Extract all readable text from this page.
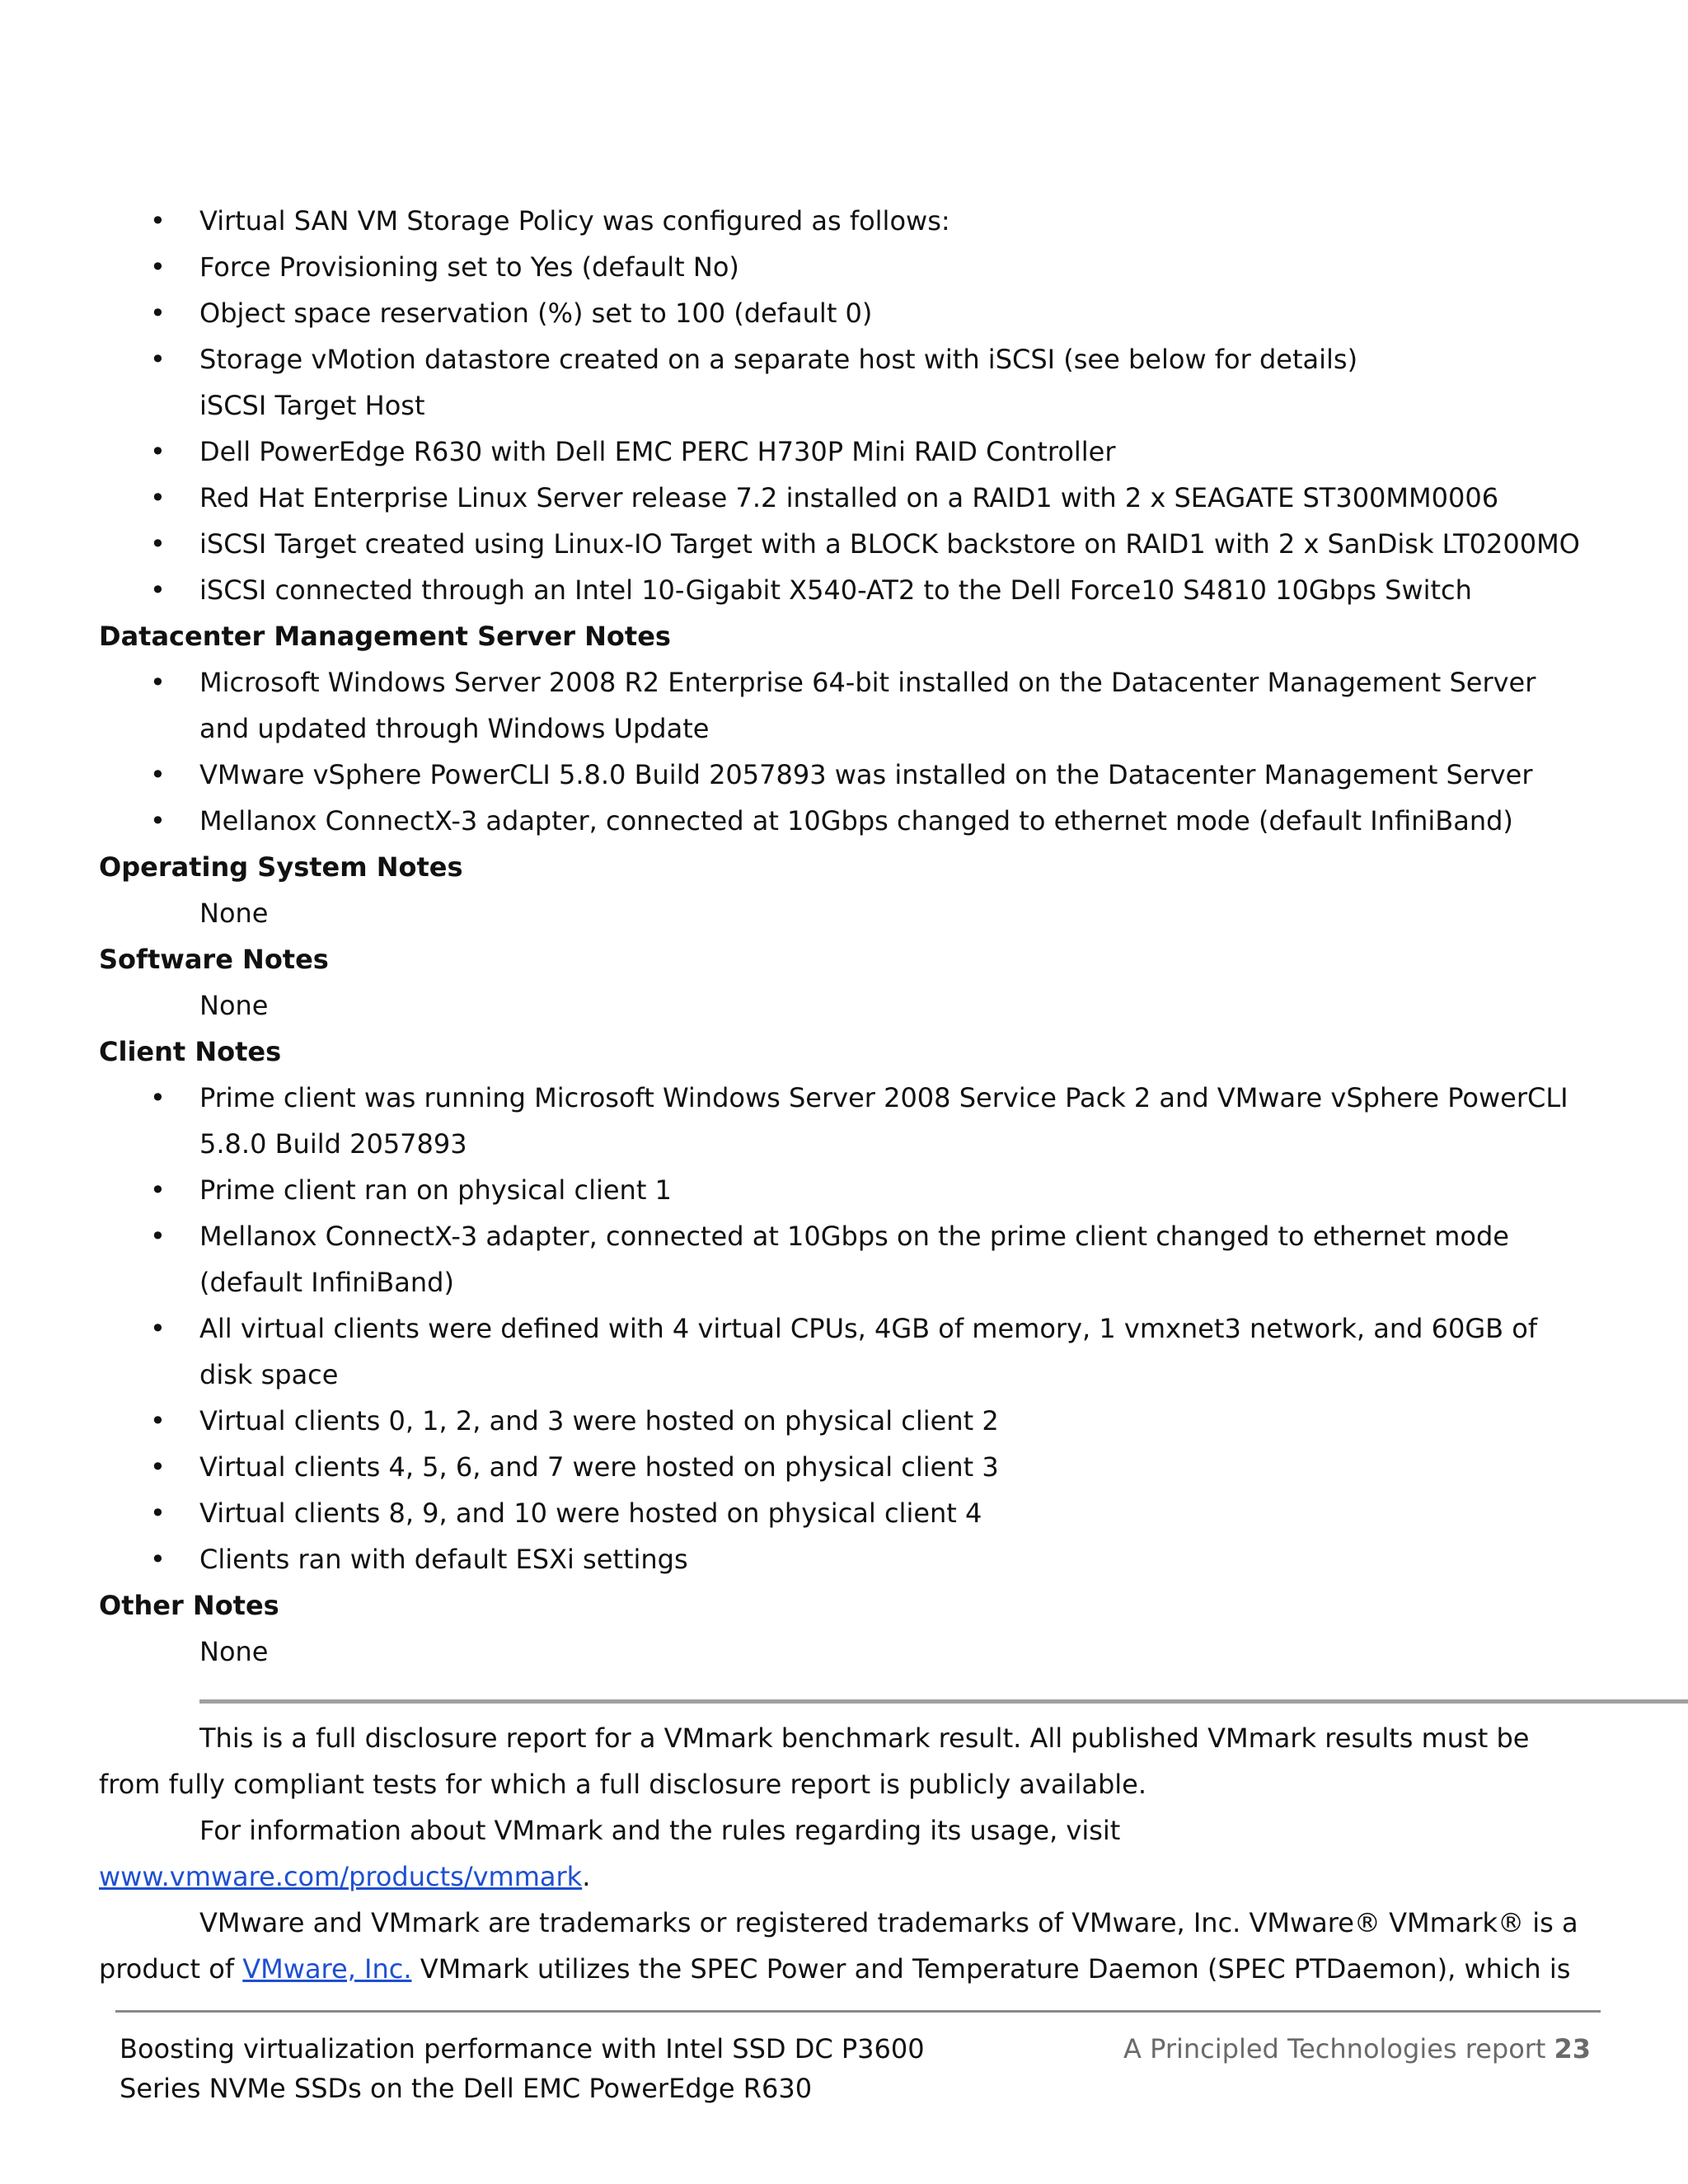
• Virtual SAN VM Storage Policy was configured as follows:
• Force Provisioning set to Yes (default No)
• Object space reservation (%) set to 100 (default 0)
• Storage vMotion datastore created on a separate host with iSCSI (see below for details)
iSCSI Target Host
• Dell PowerEdge R630 with Dell EMC PERC H730P Mini RAID Controller
• Red Hat Enterprise Linux Server release 7.2 installed on a RAID1 with 2 x SEAGATE ST300MM0006
• iSCSI Target created using Linux-IO Target with a BLOCK backstore on RAID1 with 2 x SanDisk LT0200MO
• iSCSI connected through an Intel 10-Gigabit X540-AT2 to the Dell Force10 S4810 10Gbps Switch
Datacenter Management Server Notes
• Microsoft Windows Server 2008 R2 Enterprise 64-bit installed on the Datacenter Management Server and updated through Windows Update
• VMware vSphere PowerCLI 5.8.0 Build 2057893 was installed on the Datacenter Management Server
• Mellanox ConnectX-3 adapter, connected at 10Gbps changed to ethernet mode (default InfiniBand)
Operating System Notes
None
Software Notes
None
Client Notes
• Prime client was running Microsoft Windows Server 2008 Service Pack 2 and VMware vSphere PowerCLI 5.8.0 Build 2057893
• Prime client ran on physical client 1
• Mellanox ConnectX-3 adapter, connected at 10Gbps on the prime client changed to ethernet mode (default InfiniBand)
• All virtual clients were defined with 4 virtual CPUs, 4GB of memory, 1 vmxnet3 network, and 60GB of disk space
• Virtual clients 0, 1, 2, and 3 were hosted on physical client 2
• Virtual clients 4, 5, 6, and 7 were hosted on physical client 3
• Virtual clients 8, 9, and 10 were hosted on physical client 4
• Clients ran with default ESXi settings
Other Notes
None

This is a full disclosure report for a VMmark benchmark result. All published VMmark results must be from fully compliant tests for which a full disclosure report is publicly available.

For information about VMmark and the rules regarding its usage, visit www.vmware.com/products/vmmark.

VMware and VMmark are trademarks or registered trademarks of VMware, Inc. VMware® VMmark® is a product of VMware, Inc. VMmark utilizes the SPEC Power and Temperature Daemon (SPEC PTDaemon), which is

Boosting virtualization performance with Intel SSD DC P3600
Series NVMe SSDs on the Dell EMC PowerEdge R630
A Principled Technologies report 23
